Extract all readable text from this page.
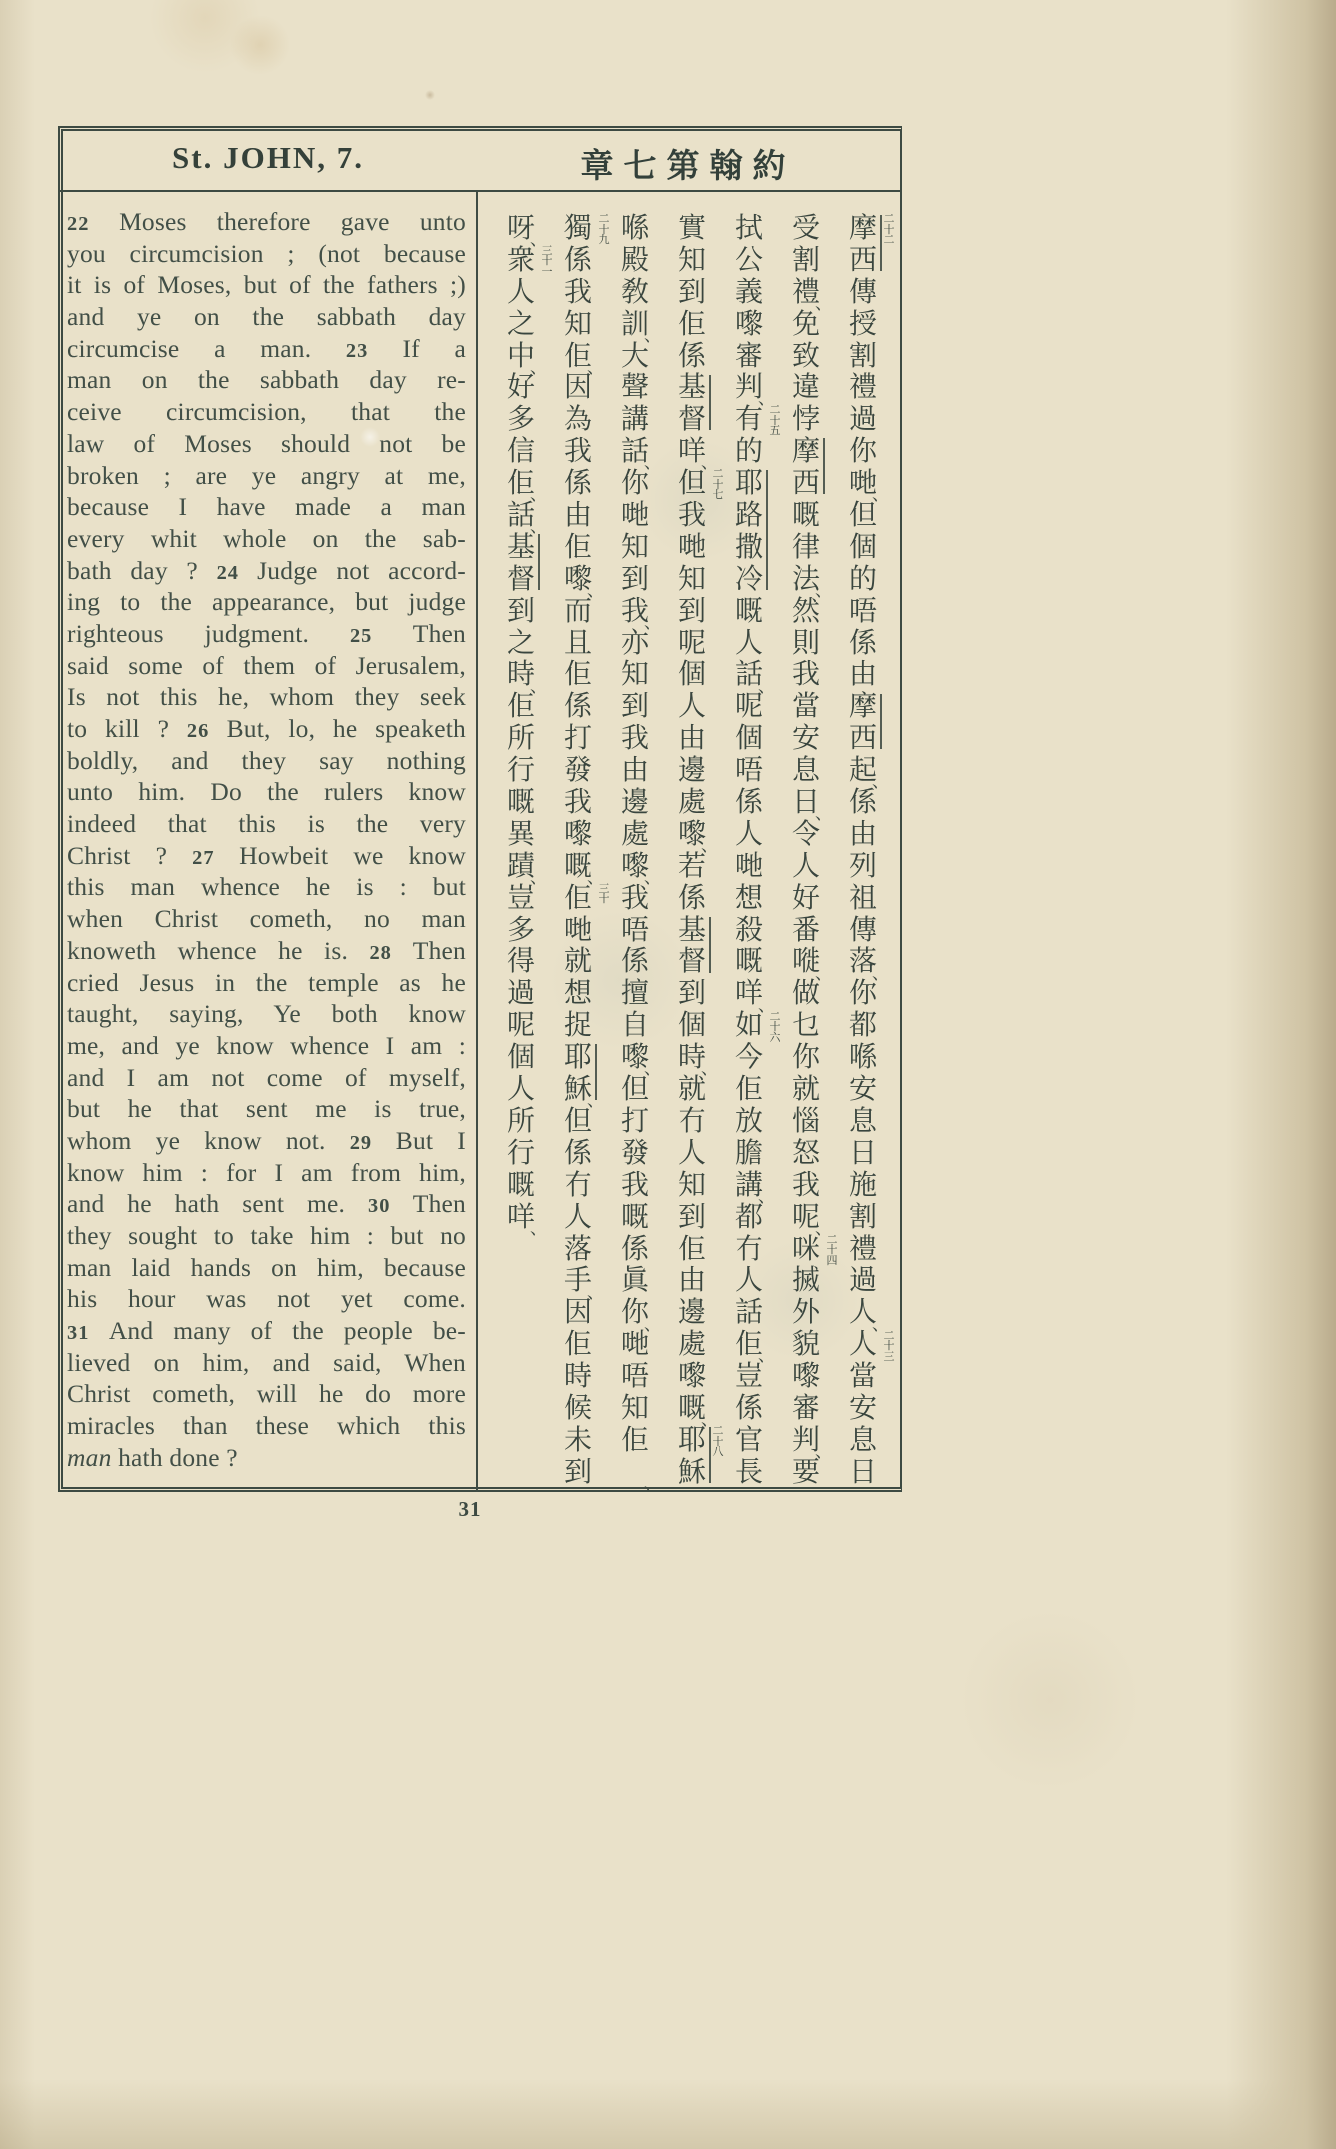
St. JOHN, 7.	章七第翰約
22 Moses therefore gave unto
you circumcision ; (not because
it is of Moses, but of the fathers ;)
and ye on the sabbath day
circumcise a man. 23 If a
man on the sabbath day re-
ceive circumcision, that the
law of Moses should not be
broken ; are ye angry at me,
because I have made a man
every whit whole on the sab-
bath day ? 24 Judge not accord-
ing to the appearance, but judge
righteous judgment. 25 Then
said some of them of Jerusalem,
Is not this he, whom they seek
to kill ? 26 But, lo, he speaketh
boldly, and they say nothing
unto him. Do the rulers know
indeed that this is the very
Christ ? 27 Howbeit we know
this man whence he is : but
when Christ cometh, no man
knoweth whence he is. 28 Then
cried Jesus in the temple as he
taught, saying, Ye both know
me, and ye know whence I am :
and I am not come of myself,
but he that sent me is true,
whom ye know not. 29 But I
know him : for I am from him,
and he hath sent me. 30 Then
they sought to take him : but no
man laid hands on him, because
his hour was not yet come.
31 And many of the people be-
lieved on him, and said, When
Christ cometh, will he do more
miracles than these which this
man hath done ?
摩
西
傳
授
割
禮
過
你
哋
但
個
的
唔
係
由
摩
西
起
係
由
列
祖
傳
落
你
都
喺
安
息
日
施
割
禮
過
人
人
當
安
息
日
、
、
、
、
二
十
二
二
十
三
受
割
禮
免
致
違
悖
摩
西
嘅
律
法
然
則
我
當
安
息
日
令
人
好
番
嘥
做
乜
你
就
惱
怒
我
呢
咪
搣
外
貌
嚟
審
判
要
、
、
、
、
、
、
二
十
四
拭
公
義
嚟
審
判
有
的
耶
路
撒
冷
嘅
人
話
呢
個
唔
係
人
哋
想
殺
嘅
咩
如
今
佢
放
膽
講
都
冇
人
話
佢
豈
係
官
長
、
、
、
、
、
二
十
五
二
十
六
實
知
到
佢
係
基
督
咩
但
我
哋
知
到
呢
個
人
由
邊
處
嚟
若
係
基
督
到
個
時
就
冇
人
知
到
佢
由
邊
處
嚟
嘅
耶
穌
、
、
、
、
二
十
七
二
十
八
喺
殿
敎
訓
大
聲
講
話
你
哋
知
到
我
亦
知
到
我
由
邊
處
嚟
我
唔
係
擅
自
嚟
但
打
發
我
嘅
係
眞
你
哋
唔
知
佢
、
、
、
、
、
、
、
獨
係
我
知
佢
因
為
我
係
由
佢
嚟
而
且
佢
係
打
發
我
嚟
嘅
佢
哋
就
想
捉
耶
穌
但
係
冇
人
落
手
因
佢
時
候
未
到
、
、
、
、
、
二
十
九
三
十
呀
衆
人
之
中
好
多
信
佢
話
基
督
到
之
時
佢
所
行
嘅
異
蹟
豈
多
得
過
呢
個
人
所
行
嘅
咩
、
、
、
、
、
、
、
三
十
一
31
